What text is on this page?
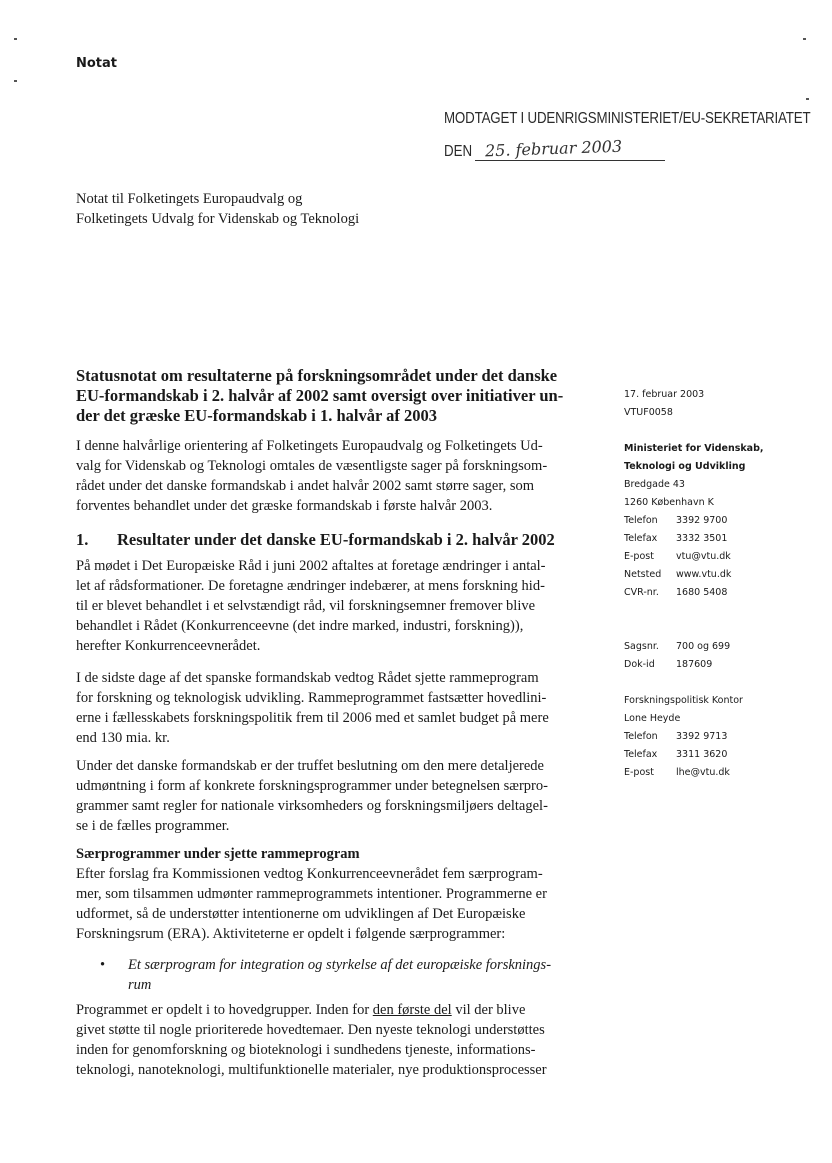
Notat
MODTAGET I UDENRIGSMINISTERIET/EU-SEKRETARIATET
DEN 25. februar 2003
Notat til Folketingets Europaudvalg og
Folketingets Udvalg for Videnskab og Teknologi
Statusnotat om resultaterne på forskningsområdet under det danske
EU-formandskab i 2. halvår af 2002 samt oversigt over initiativer un-
der det græske EU-formandskab i 1. halvår af 2003
17. februar 2003
VTUF0058
Ministeriet for Videnskab,
Teknologi og Udvikling
Bredgade 43
1260 København K
Telefon 3392 9700
Telefax 3332 3501
E-post vtu@vtu.dk
Netsted www.vtu.dk
CVR-nr. 1680 5408
Sagsnr. 700 og 699
Dok-id 187609
Forskningspolitisk Kontor
Lone Heyde
Telefon 3392 9713
Telefax 3311 3620
E-post lhe@vtu.dk
I denne halvårlige orientering af Folketingets Europaudvalg og Folketingets Ud-
valg for Videnskab og Teknologi omtales de væsentligste sager på forskningsom-
rådet under det danske formandskab i andet halvår 2002 samt større sager, som
forventes behandlet under det græske formandskab i første halvår 2003.
1. Resultater under det danske EU-formandskab i 2. halvår 2002
På mødet i Det Europæiske Råd i juni 2002 aftaltes at foretage ændringer i antal-
let af rådsformationer. De foretagne ændringer indebærer, at mens forskning hid-
til er blevet behandlet i et selvstændigt råd, vil forskningsemner fremover blive
behandlet i Rådet (Konkurrenceevne (det indre marked, industri, forskning)),
herefter Konkurrenceevnerådet.
I de sidste dage af det spanske formandskab vedtog Rådet sjette rammeprogram
for forskning og teknologisk udvikling. Rammeprogrammet fastsætter hovedlini-
erne i fællesskabets forskningspolitik frem til 2006 med et samlet budget på mere
end 130 mia. kr.
Under det danske formandskab er der truffet beslutning om den mere detaljerede
udmøntning i form af konkrete forskningsprogrammer under betegnelsen særpro-
grammer samt regler for nationale virksomheders og forskningsmiljøers deltagel-
se i de fælles programmer.
Særprogrammer under sjette rammeprogram
Efter forslag fra Kommissionen vedtog Konkurrenceevnerådet fem særprogram-
mer, som tilsammen udmønter rammeprogrammets intentioner. Programmerne er
udformet, så de understøtter intentionerne om udviklingen af Det Europæiske
Forskningsrum (ERA). Aktiviteterne er opdelt i følgende særprogrammer:
• Et særprogram for integration og styrkelse af det europæiske forsknings-
rum
Programmet er opdelt i to hovedgrupper. Inden for den første del vil der blive
givet støtte til nogle prioriterede hovedtemaer. Den nyeste teknologi understøttes
inden for genomforskning og bioteknologi i sundhedens tjeneste, informations-
teknologi, nanoteknologi, multifunktionelle materialer, nye produktionsprocesser
